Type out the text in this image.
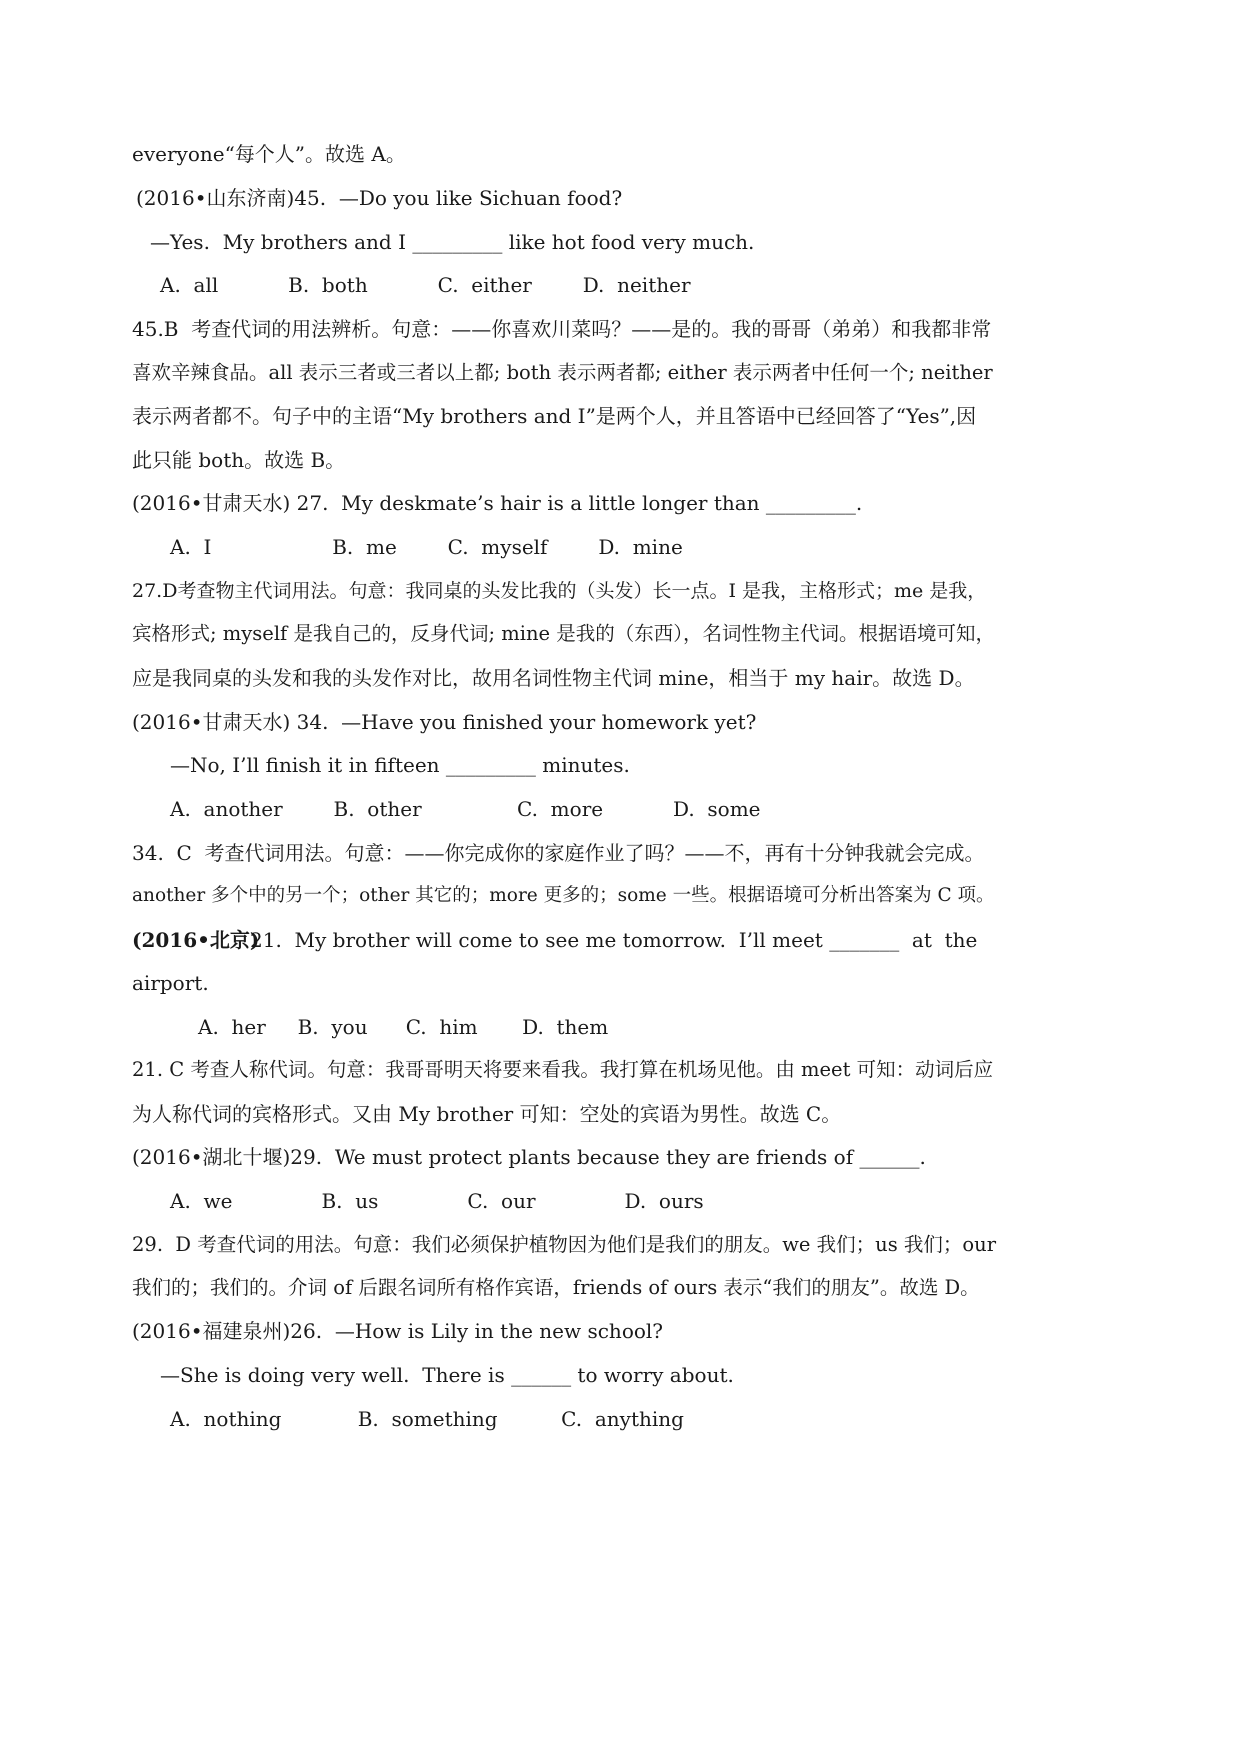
everyone“每个人”。故选 A。
(2016•山东济南)45.  —Do you like Sichuan food?
—Yes.  My brothers and I _________ like hot food very much.
A.  all           B.  both           C.  either        D.  neither
45.B  考查代词的用法辨析。句意：——你喜欢川菜吗？——是的。我的哥哥（弟弟）和我都非常
喜欢辛辣食品。all 表示三者或三者以上都; both 表示两者都; either 表示两者中任何一个; neither
表示两者都不。句子中的主语“My brothers and I”是两个人，并且答语中已经回答了“Yes”,因
此只能 both。故选 B。
(2016•甘肃天水) 27.  My deskmate’s hair is a little longer than _________.
A.  I                   B.  me        C.  myself        D.  mine
27.D考查物主代词用法。句意：我同桌的头发比我的（头发）长一点。I 是我，主格形式；me 是我，
宾格形式; myself 是我自己的，反身代词; mine 是我的（东西），名词性物主代词。根据语境可知，
应是我同桌的头发和我的头发作对比，故用名词性物主代词 mine，相当于 my hair。故选 D。
(2016•甘肃天水) 34.  —Have you finished your homework yet?
—No, I’ll finish it in fifteen _________ minutes.
A.  another        B.  other               C.  more           D.  some
34.  C  考查代词用法。句意：——你完成你的家庭作业了吗？——不，再有十分钟我就会完成。
another 多个中的另一个；other 其它的；more 更多的；some 一些。根据语境可分析出答案为 C 项。
(2016•北京)
21.  My brother will come to see me tomorrow.  I’ll meet _______  at  the
airport.
A.  her     B.  you      C.  him       D.  them
21. C 考查人称代词。句意：我哥哥明天将要来看我。我打算在机场见他。由 meet 可知：动词后应
为人称代词的宾格形式。又由 My brother 可知：空处的宾语为男性。故选 C。
(2016•湖北十堰)29.  We must protect plants because they are friends of ______.
A.  we              B.  us              C.  our              D.  ours
29.  D 考查代词的用法。句意：我们必须保护植物因为他们是我们的朋友。we 我们；us 我们；our
我们的；我们的。介词 of 后跟名词所有格作宾语，friends of ours 表示“我们的朋友”。故选 D。
(2016•福建泉州)26.  —How is Lily in the new school?
—She is doing very well.  There is ______ to worry about.
A.  nothing            B.  something          C.  anything
